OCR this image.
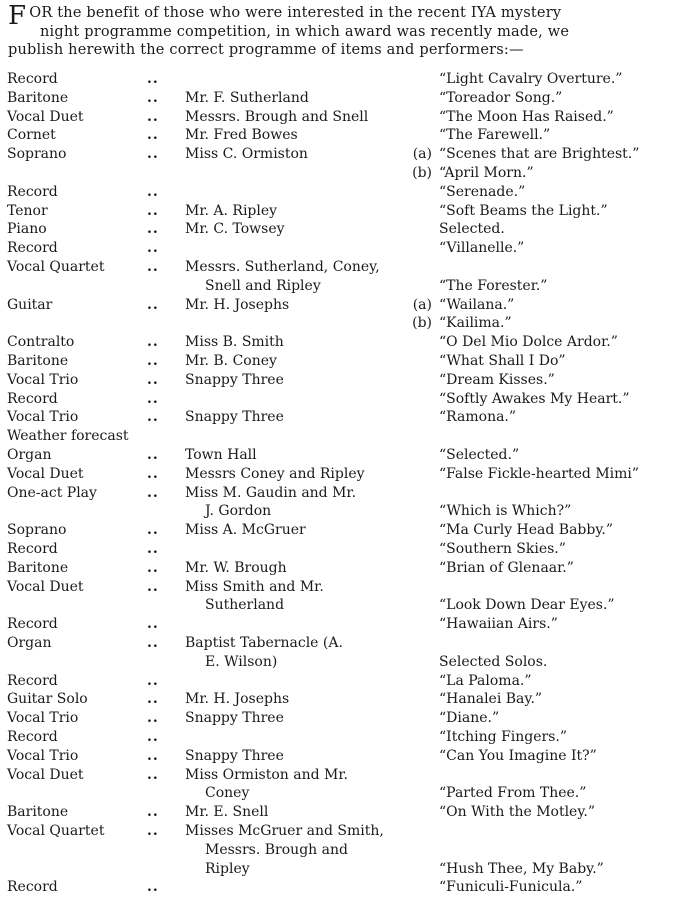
FOR the benefit of those who were interested in the recent IYA mystery

night programme competition, in which award was recently made, we

publish herewith the correct programme of items and performers:—

Record	..	“Light Cavalry Overture.”
Baritone	.. Mr. F. Sutherland	“Toreador Song.”
Vocal Duet	.. Messrs. Brough and Snell	“The Moon Has Raised.”
Cornet	.. Mr. Fred Bowes	“The Farewell.”
Soprano	.. Miss C. Ormiston	(a) “Scenes that are Brightest.”
(b) “April Morn.”
Record	..	“Serenade.”
Tenor	.. Mr. A. Ripley	“Soft Beams the Light.”
Piano	.. Mr. C. Towsey	Selected.
Record	..	“Villanelle.”
Vocal Quartet	.. Messrs. Sutherland, Coney,
Snell and Ripley	“The Forester.”
Guitar	.. Mr. H. Josephs	(a) “Wailana.”
(b) “Kailima.”
Contralto	.. Miss B. Smith	“O Del Mio Dolce Ardor.”
Baritone	.. Mr. B. Coney	“What Shall I Do”
Vocal Trio	.. Snappy Three	“Dream Kisses.”
Record	..	“Softly Awakes My Heart.”
Vocal Trio	.. Snappy Three	“Ramona.”
Weather forecast
Organ	.. Town Hall	“Selected.”
Vocal Duet	.. Messrs Coney and Ripley	“False Fickle-hearted Mimi”
One-act Play	.. Miss M. Gaudin and Mr.
J. Gordon	“Which is Which?”
Soprano	.. Miss A. McGruer	“Ma Curly Head Babby.”
Record	..	“Southern Skies.”
Baritone	.. Mr. W. Brough	“Brian of Glenaar.”
Vocal Duet	.. Miss Smith and Mr.
Sutherland	“Look Down Dear Eyes.”
Record	..	“Hawaiian Airs.”
Organ	.. Baptist Tabernacle (A.
E. Wilson)	Selected Solos.
Record	..	“La Paloma.”
Guitar Solo	.. Mr. H. Josephs	“Hanalei Bay.”
Vocal Trio	.. Snappy Three	“Diane.”
Record	..	“Itching Fingers.”
Vocal Trio	.. Snappy Three	“Can You Imagine It?”
Vocal Duet	.. Miss Ormiston and Mr.
Coney	“Parted From Thee.”
Baritone	.. Mr. E. Snell	“On With the Motley.”
Vocal Quartet	.. Misses McGruer and Smith,
Messrs. Brough and
Ripley	“Hush Thee, My Baby.”
Record	..	“Funiculi-Funicula.”
